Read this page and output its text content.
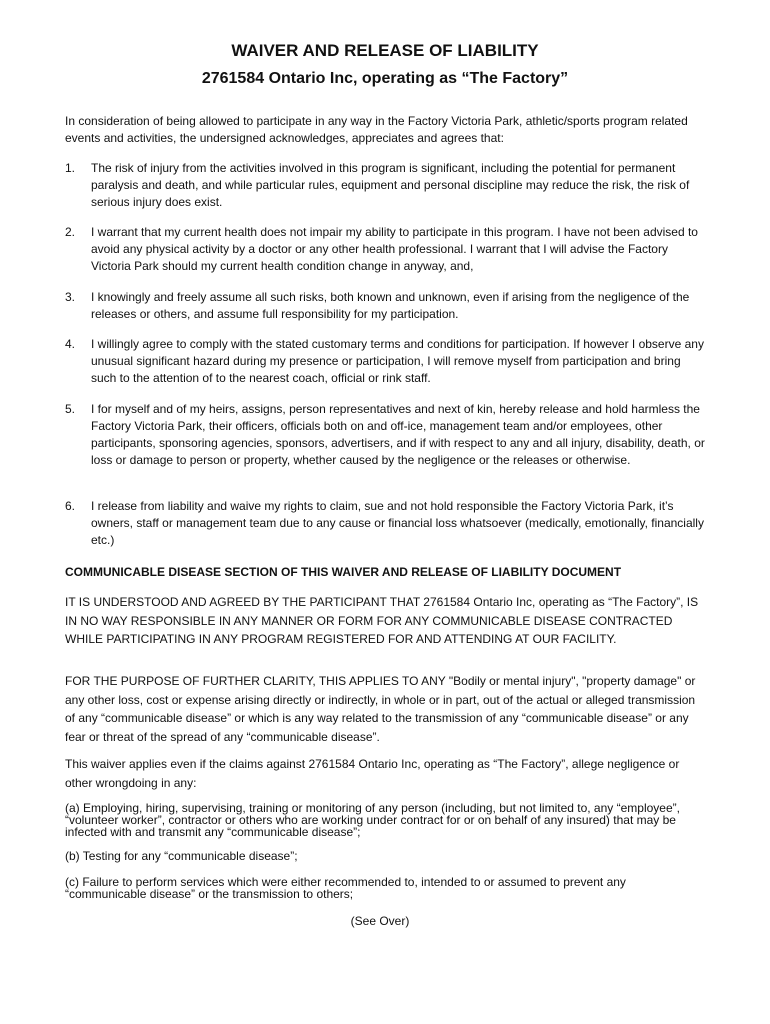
WAIVER AND RELEASE OF LIABILITY
2761584 Ontario Inc, operating as “The Factory”

In consideration of being allowed to participate in any way in the Factory Victoria Park, athletic/sports program related events and activities, the undersigned acknowledges, appreciates and agrees that:

1.	The risk of injury from the activities involved in this program is significant, including the potential for permanent paralysis and death, and while particular rules, equipment and personal discipline may reduce the risk, the risk of serious injury does exist.
2.	I warrant that my current health does not impair my ability to participate in this program. I have not been advised to avoid any physical activity by a doctor or any other health professional. I warrant that I will advise the Factory Victoria Park should my current health condition change in anyway, and,
3.	I knowingly and freely assume all such risks, both known and unknown, even if arising from the negligence of the releases or others, and assume full responsibility for my participation.
4.	I willingly agree to comply with the stated customary terms and conditions for participation. If however I observe any unusual significant hazard during my presence or participation, I will remove myself from participation and bring such to the attention of to the nearest coach, official or rink staff.
5.	I for myself and of my heirs, assigns, person representatives and next of kin, hereby release and hold harmless the Factory Victoria Park, their officers, officials both on and off-ice, management team and/or employees, other participants, sponsoring agencies, sponsors, advertisers, and if with respect to any and all injury, disability, death, or loss or damage to person or property, whether caused by the negligence or the releases or otherwise.
6.	I release from liability and waive my rights to claim, sue and not hold responsible the Factory Victoria Park, it’s owners, staff or management team due to any cause or financial loss whatsoever (medically, emotionally, financially etc.)
COMMUNICABLE DISEASE SECTION OF THIS WAIVER AND RELEASE OF LIABILITY DOCUMENT

IT IS UNDERSTOOD AND AGREED BY THE PARTICIPANT THAT 2761584 Ontario Inc, operating as “The Factory”, IS IN NO WAY RESPONSIBLE IN ANY MANNER OR FORM FOR ANY COMMUNICABLE DISEASE CONTRACTED WHILE PARTICIPATING IN ANY PROGRAM REGISTERED FOR AND ATTENDING AT OUR FACILITY.

FOR THE PURPOSE OF FURTHER CLARITY, THIS APPLIES TO ANY "Bodily or mental injury", "property damage" or any other loss, cost or expense arising directly or indirectly, in whole or in part, out of the actual or alleged transmission of any “communicable disease” or which is any way related to the transmission of any “communicable disease” or any fear or threat of the spread of any “communicable disease”.

This waiver applies even if the claims against 2761584 Ontario Inc, operating as “The Factory”, allege negligence or other wrongdoing in any:

(a) Employing, hiring, supervising, training or monitoring of any person (including, but not limited to, any “employee”, “volunteer worker”, contractor or others who are working under contract for or on behalf of any insured) that may be infected with and transmit any “communicable disease”;

(b) Testing for any “communicable disease”;

(c) Failure to perform services which were either recommended to, intended to or assumed to prevent any “communicable disease” or the transmission to others;

(See Over)
